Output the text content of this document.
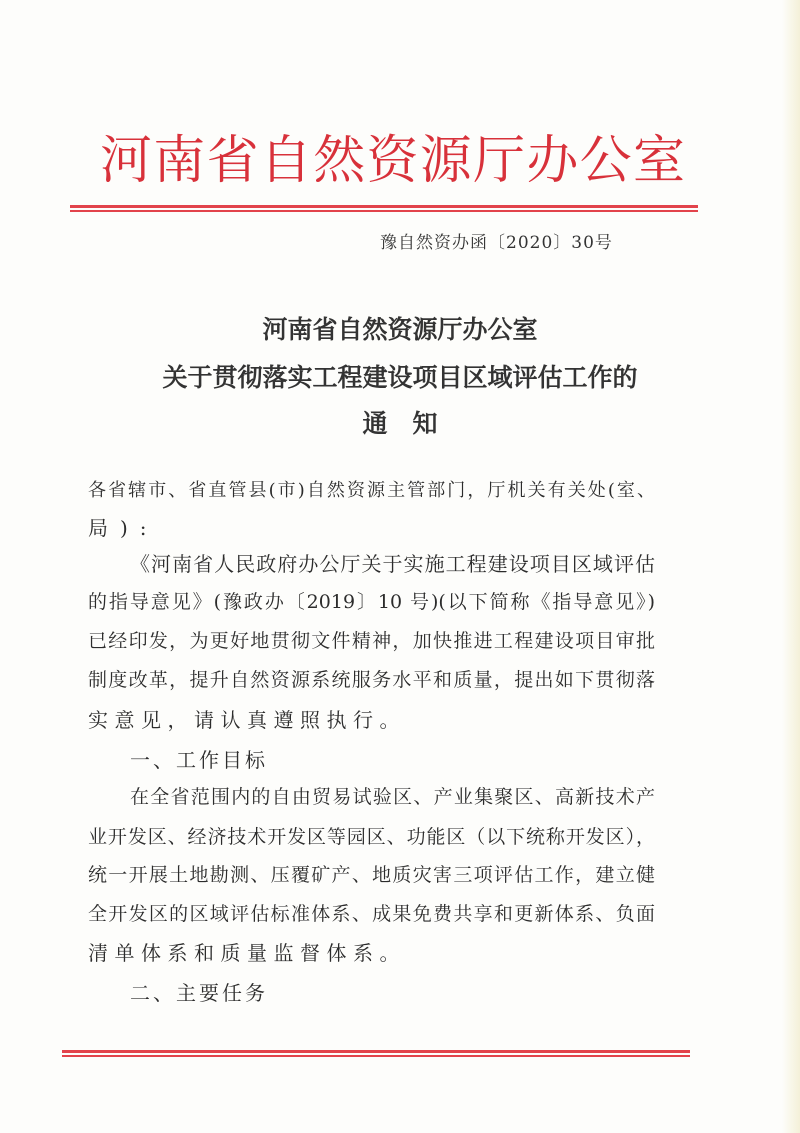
河南省自然资源厅办公室
豫自然资办函〔2020〕30号
河南省自然资源厅办公室
关于贯彻落实工程建设项目区域评估工作的
通　知
各省辖市、省直管县(市)自然资源主管部门，厅机关有关处(室、
局):
《河南省人民政府办公厅关于实施工程建设项目区域评估
的指导意见》(豫政办〔2019〕10 号)(以下简称《指导意见》)
已经印发，为更好地贯彻文件精神，加快推进工程建设项目审批
制度改革，提升自然资源系统服务水平和质量，提出如下贯彻落
实意见，请认真遵照执行。
一、工作目标
在全省范围内的自由贸易试验区、产业集聚区、高新技术产
业开发区、经济技术开发区等园区、功能区（以下统称开发区），
统一开展土地勘测、压覆矿产、地质灾害三项评估工作，建立健
全开发区的区域评估标准体系、成果免费共享和更新体系、负面
清单体系和质量监督体系。
二、主要任务
